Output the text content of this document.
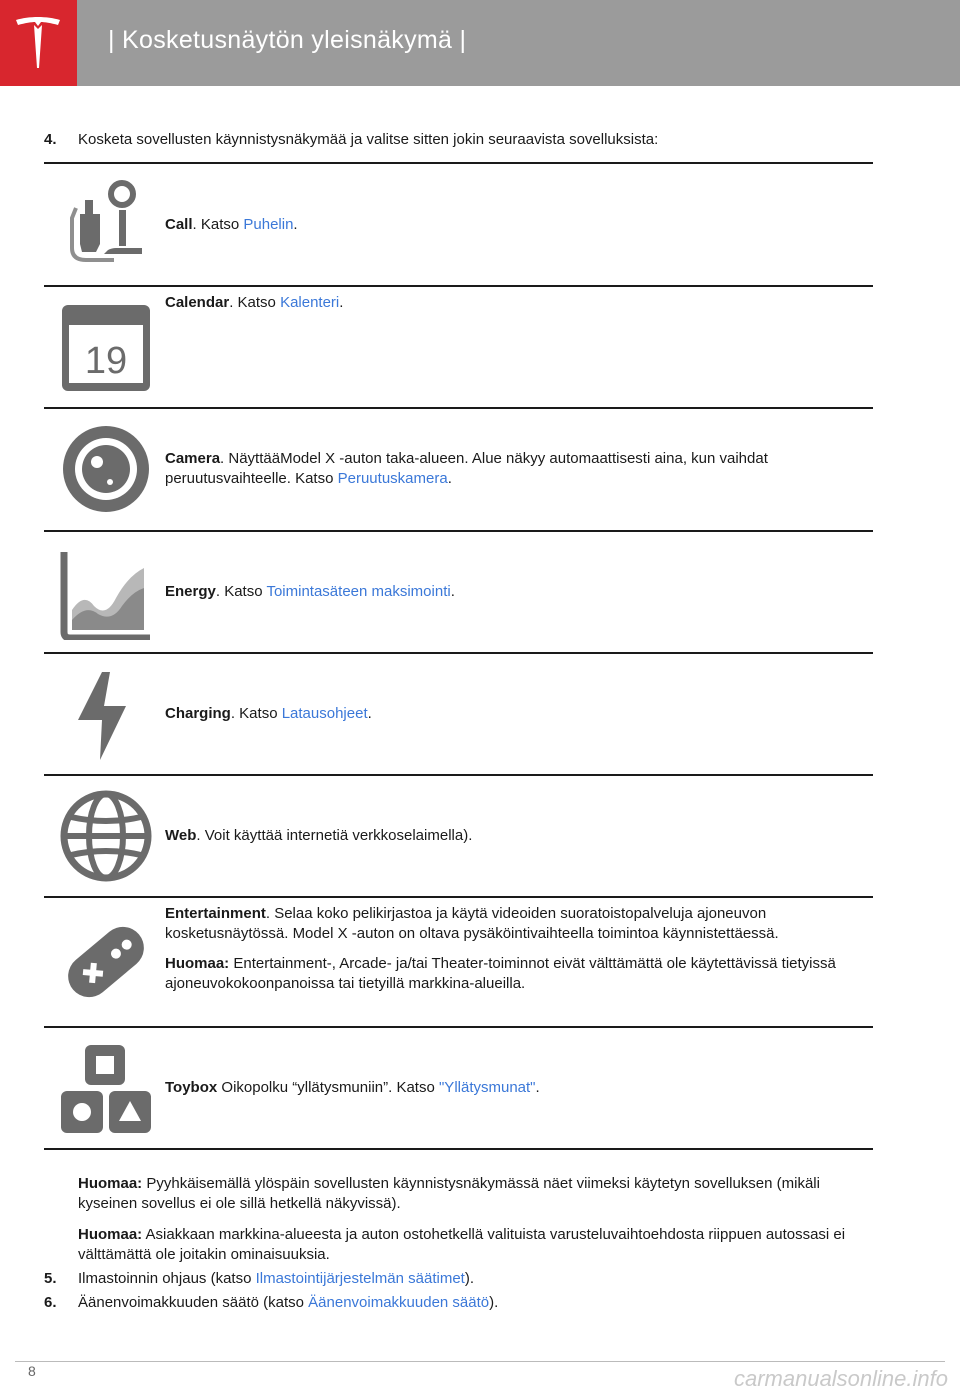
| Kosketusnäytön yleisnäkymä |
4. Kosketa sovellusten käynnistysnäkymää ja valitse sitten jokin seuraavista sovelluksista:
Call. Katso Puhelin.
19
Calendar. Katso Kalenteri.
Camera. NäyttääModel X -auton taka-alueen. Alue näkyy automaattisesti aina, kun vaihdat peruutusvaihteelle. Katso Peruutuskamera.
Energy. Katso Toimintasäteen maksimointi.
Charging. Katso Latausohjeet.
Web. Voit käyttää internetiä verkkoselaimella).

Entertainment. Selaa koko pelikirjastoa ja käytä videoiden suoratoistopalveluja ajoneuvon kosketusnäytössä. Model X -auton on oltava pysäköintivaihteella toimintoa käynnistettäessä.

Huomaa: Entertainment-, Arcade- ja/tai Theater-toiminnot eivät välttämättä ole käytettävissä tietyissä ajoneuvokokoonpanoissa tai tietyillä markkina-alueilla.

Toybox Oikopolku “yllätysmuniin”. Katso "Yllätysmunat".
Huomaa: Pyyhkäisemällä ylöspäin sovellusten käynnistysnäkymässä näet viimeksi käytetyn sovelluksen (mikäli kyseinen sovellus ei ole sillä hetkellä näkyvissä).
Huomaa: Asiakkaan markkina-alueesta ja auton ostohetkellä valituista varusteluvaihtoehdosta riippuen autossasi ei välttämättä ole joitakin ominaisuuksia.
5. Ilmastoinnin ohjaus (katso Ilmastointijärjestelmän säätimet).
6. Äänenvoimakkuuden säätö (katso Äänenvoimakkuuden säätö).
8	carmanualsonline.info
